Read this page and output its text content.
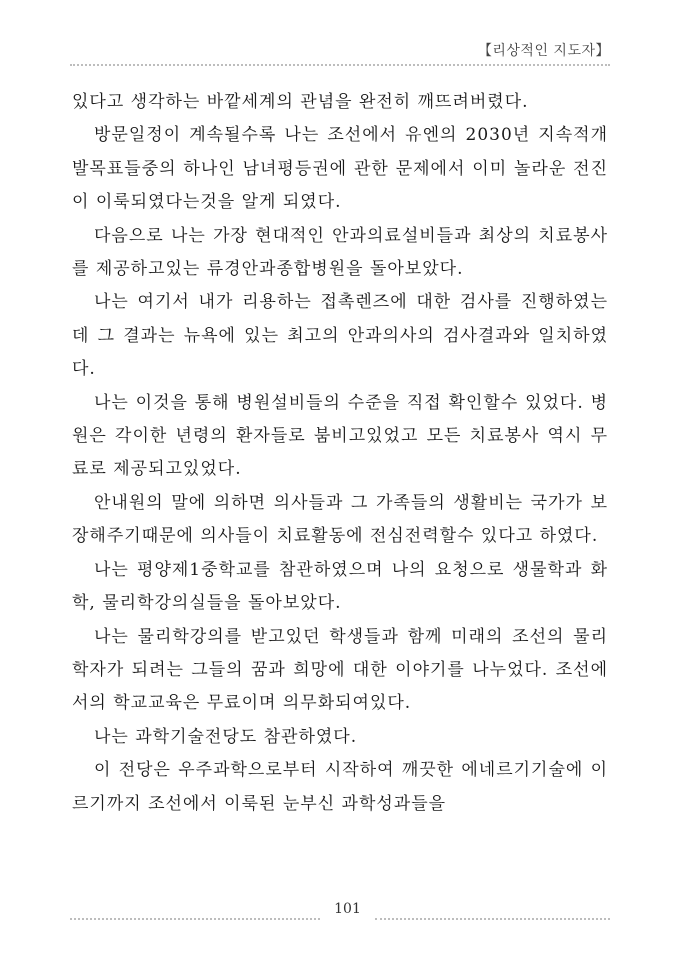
【리상적인 지도자】

있다고 생각하는 바깥세계의 관념을 완전히 깨뜨려버렸다.

방문일정이 계속될수록 나는 조선에서 유엔의 2030년 지속적개발목표들중의 하나인 남녀평등권에 관한 문제에서 이미 놀라운 전진이 이룩되였다는것을 알게 되였다.

다음으로 나는 가장 현대적인 안과의료설비들과 최상의 치료봉사를 제공하고있는 류경안과종합병원을 돌아보았다.

나는 여기서 내가 리용하는 접촉렌즈에 대한 검사를 진행하였는데 그 결과는 뉴욕에 있는 최고의 안과의사의 검사결과와 일치하였다.

나는 이것을 통해 병원설비들의 수준을 직접 확인할수 있었다. 병원은 각이한 년령의 환자들로 붐비고있었고 모든 치료봉사 역시 무료로 제공되고있었다.

안내원의 말에 의하면 의사들과 그 가족들의 생활비는 국가가 보장해주기때문에 의사들이 치료활동에 전심전력할수 있다고 하였다.

나는 평양제1중학교를 참관하였으며 나의 요청으로 생물학과 화학, 물리학강의실들을 돌아보았다.

나는 물리학강의를 받고있던 학생들과 함께 미래의 조선의 물리학자가 되려는 그들의 꿈과 희망에 대한 이야기를 나누었다. 조선에서의 학교교육은 무료이며 의무화되여있다.

나는 과학기술전당도 참관하였다.

이 전당은 우주과학으로부터 시작하여 깨끗한 에네르기기술에 이르기까지 조선에서 이룩된 눈부신 과학성과들을

101
